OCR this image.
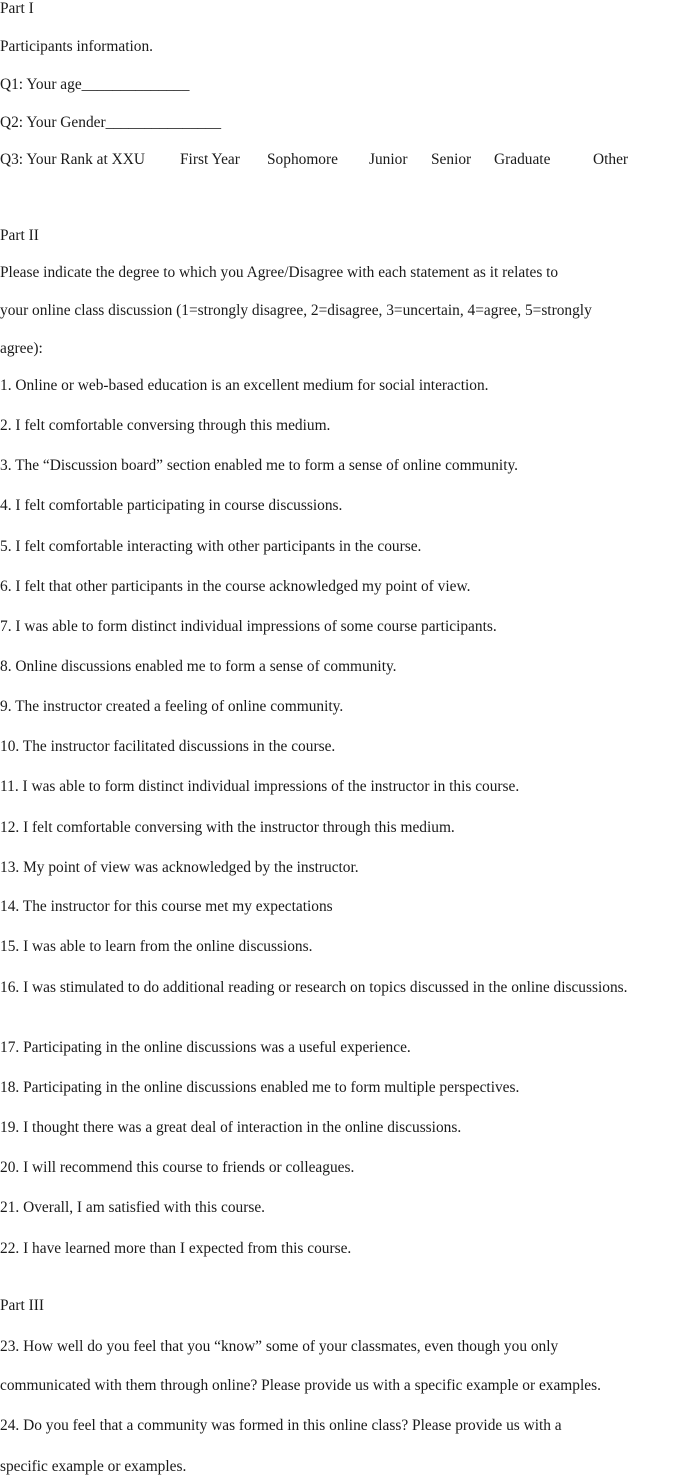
Part I
Participants information.
Q1: Your age______________
Q2: Your Gender_______________
Q3: Your Rank at XXU First Year Sophomore Junior Senior Graduate	Other
Part II
Please indicate the degree to which you Agree/Disagree with each statement as it relates to
your online class discussion (1=strongly disagree, 2=disagree, 3=uncertain, 4=agree, 5=strongly
agree):
1. Online or web-based education is an excellent medium for social interaction.
2. I felt comfortable conversing through this medium.
3. The “Discussion board” section enabled me to form a sense of online community.
4. I felt comfortable participating in course discussions.
5. I felt comfortable interacting with other participants in the course.
6. I felt that other participants in the course acknowledged my point of view.
7. I was able to form distinct individual impressions of some course participants.
8. Online discussions enabled me to form a sense of community.
9. The instructor created a feeling of online community.
10. The instructor facilitated discussions in the course.
11. I was able to form distinct individual impressions of the instructor in this course.
12. I felt comfortable conversing with the instructor through this medium.
13. My point of view was acknowledged by the instructor.
14. The instructor for this course met my expectations
15. I was able to learn from the online discussions.
16. I was stimulated to do additional reading or research on topics discussed in the online discussions.
17. Participating in the online discussions was a useful experience.
18. Participating in the online discussions enabled me to form multiple perspectives.
19. I thought there was a great deal of interaction in the online discussions.
20. I will recommend this course to friends or colleagues.
21. Overall, I am satisfied with this course.
22. I have learned more than I expected from this course.
Part III
23. How well do you feel that you “know” some of your classmates, even though you only
communicated with them through online? Please provide us with a specific example or examples.
24. Do you feel that a community was formed in this online class? Please provide us with a
specific example or examples.
